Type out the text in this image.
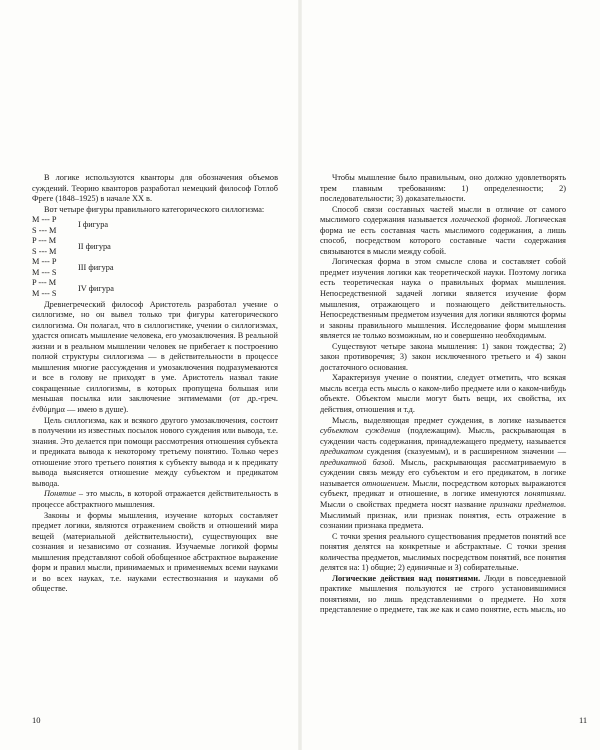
В логике используются кванторы для обозначения объемов суждений. Теорию кванторов разработал немецкий философ Готлоб Фреге (1848–1925) в начале XX в.

Вот четыре фигуры правильного категорического силлогизма:

M --- P	I фигура
S --- M	
P --- M	II фигура
S --- M	
M --- P	III фигура
M --- S	
P --- M	IV фигура
M --- S	

Древнегреческий философ Аристотель разработал учение о силлогизме, но он вывел только три фигуры категорического силлогизма. Он полагал, что в силлогистике, учении о силлогизмах, удастся описать мышление человека, его умозаключения. В реальной жизни и в реальном мышлении человек не прибегает к построению полной структуры силлогизма — в действительности в процессе мышления многие рассуждения и умозаключения подразумеваются и все в голову не приходят в уме. Аристотель назвал такие сокращенные силлогизмы, в которых пропущена большая или меньшая посылка или заключение энтимемами (от др.-греч. ἐνθύμημα — имею в душе).

Цель силлогизма, как и всякого другого умозаключения, состоит в получении из известных посылок нового суждения или вывода, т.е. знания. Это делается при помощи рассмотрения отношения субъекта и предиката вывода к некоторому третьему понятию. Только через отношение этого третьего понятия к субъекту вывода и к предикату вывода выясняется отношение между субъектом и предикатом вывода.

Понятие – это мысль, в которой отражается действительность в процессе абстрактного мышления.

Законы и формы мышления, изучение которых составляет предмет логики, являются отражением свойств и отношений мира вещей (материальной действительности), существующих вне сознания и независимо от сознания. Изучаемые логикой формы мышления представляют собой обобщенное абстрактное выражение форм и правил мысли, принимаемых и применяемых всеми науками и во всех науках, т.е. науками естествознания и науками об обществе.

10

Чтобы мышление было правильным, оно должно удовлетворять трем главным требованиям: 1) определенности; 2) последовательности; 3) доказательности.

Способ связи составных частей мысли в отличие от самого мыслимого содержания называется логической формой. Логическая форма не есть составная часть мыслимого содержания, а лишь способ, посредством которого составные части содержания связываются в мысли между собой.

Логическая форма в этом смысле слова и составляет собой предмет изучения логики как теоретической науки. Поэтому логика есть теоретическая наука о правильных формах мышления. Непосредственной задачей логики является изучение форм мышления, отражающего и познающего действительность. Непосредственным предметом изучения для логики являются формы и законы правильного мышления. Исследование форм мышления является не только возможным, но и совершенно необходимым.

Существуют четыре закона мышления: 1) закон тождества; 2) закон противоречия; 3) закон исключенного третьего и 4) закон достаточного основания.

Характеризуя учение о понятии, следует отметить, что всякая мысль всегда есть мысль о каком-либо предмете или о каком-нибудь объекте. Объектом мысли могут быть вещи, их свойства, их действия, отношения и т.д.

Мысль, выделяющая предмет суждения, в логике называется субъектом суждения (подлежащим). Мысль, раскрывающая в суждении часть содержания, принадлежащего предмету, называется предикатом суждения (сказуемым), и в расширенном значении — предикатной базой. Мысль, раскрывающая рассматриваемую в суждении связь между его субъектом и его предикатом, в логике называется отношением. Мысли, посредством которых выражаются субъект, предикат и отношение, в логике именуются понятиями. Мысли о свойствах предмета носят название признаки предметов. Мыслимый признак, или признак понятия, есть отражение в сознании признака предмета.

С точки зрения реального существования предметов понятий все понятия делятся на конкретные и абстрактные. С точки зрения количества предметов, мыслимых посредством понятий, все понятия делятся на: 1) общие; 2) единичные и 3) собирательные.

Логические действия над понятиями. Люди в повседневной практике мышления пользуются не строго установившимися понятиями, но лишь представлениями о предмете. Но хотя представление о предмете, так же как и само понятие, есть мысль, но

11
